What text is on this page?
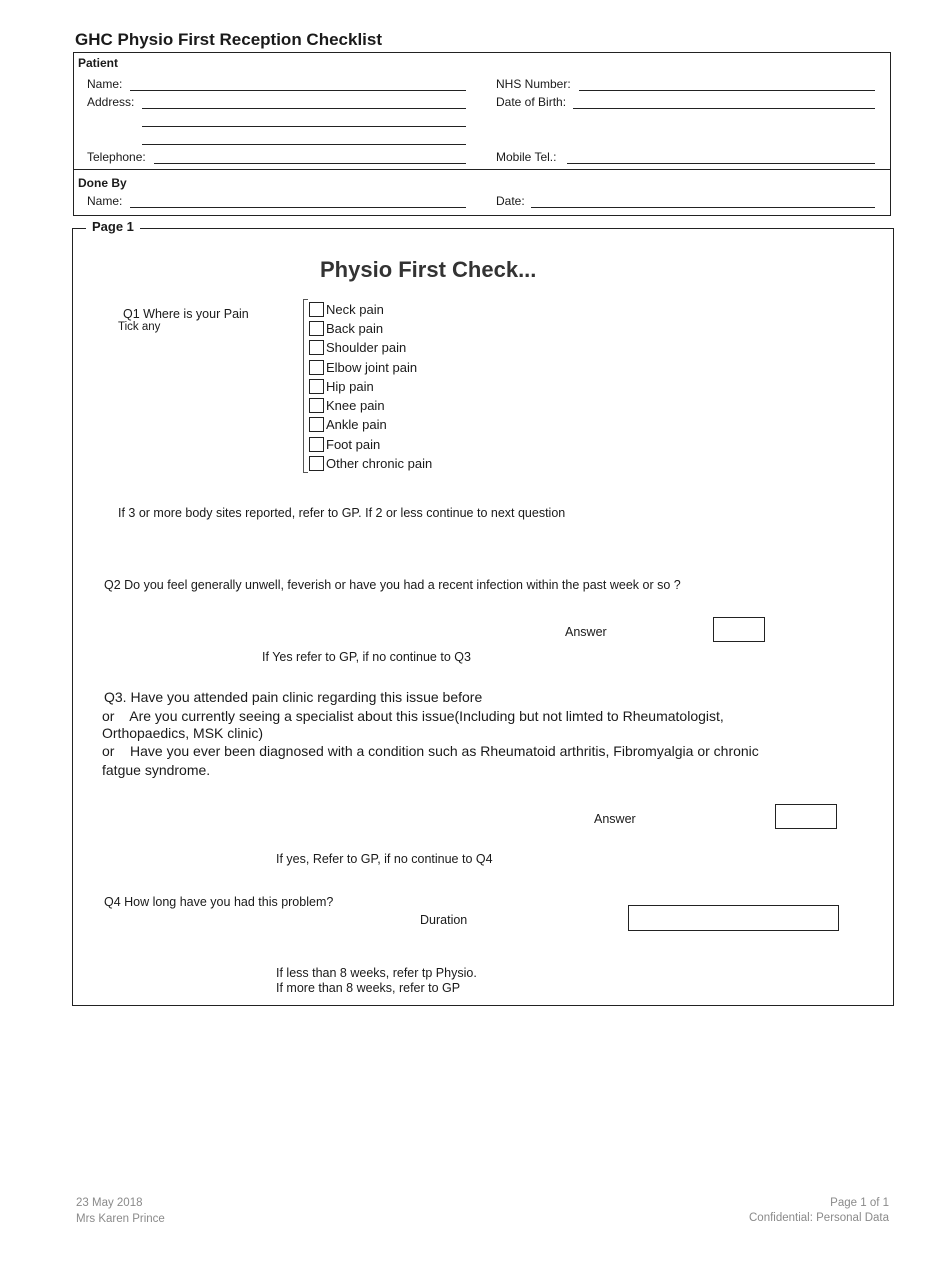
GHC Physio First Reception Checklist
Patient
Name:
Address:
Telephone:
NHS Number:
Date of Birth:
Mobile Tel.:
Done By
Name:	Date:
Page 1
Physio First Check...
Q1 Where is your Pain
Tick any
Neck pain
Back pain
Shoulder pain
Elbow joint pain
Hip pain
Knee pain
Ankle pain
Foot pain
Other chronic pain
If 3 or more body sites reported, refer to GP. If 2 or less continue to next question
Q2 Do you feel generally unwell, feverish or have you had a recent infection within the past week or so ?
Answer
If Yes refer to GP, if no continue to Q3
Q3. Have you attended pain clinic regarding this issue before
or    Are you currently seeing a specialist about this issue(Including but not limted to Rheumatologist,
Orthopaedics, MSK clinic)
or    Have you ever been diagnosed with a condition such as Rheumatoid arthritis, Fibromyalgia or chronic
fatgue syndrome.
Answer
If yes, Refer to GP, if no continue to Q4
Q4 How long have you had this problem?
Duration
If less than 8 weeks, refer tp Physio.
If more than 8 weeks, refer to GP
23 May 2018
Mrs Karen Prince
Page 1 of 1
Confidential: Personal Data
